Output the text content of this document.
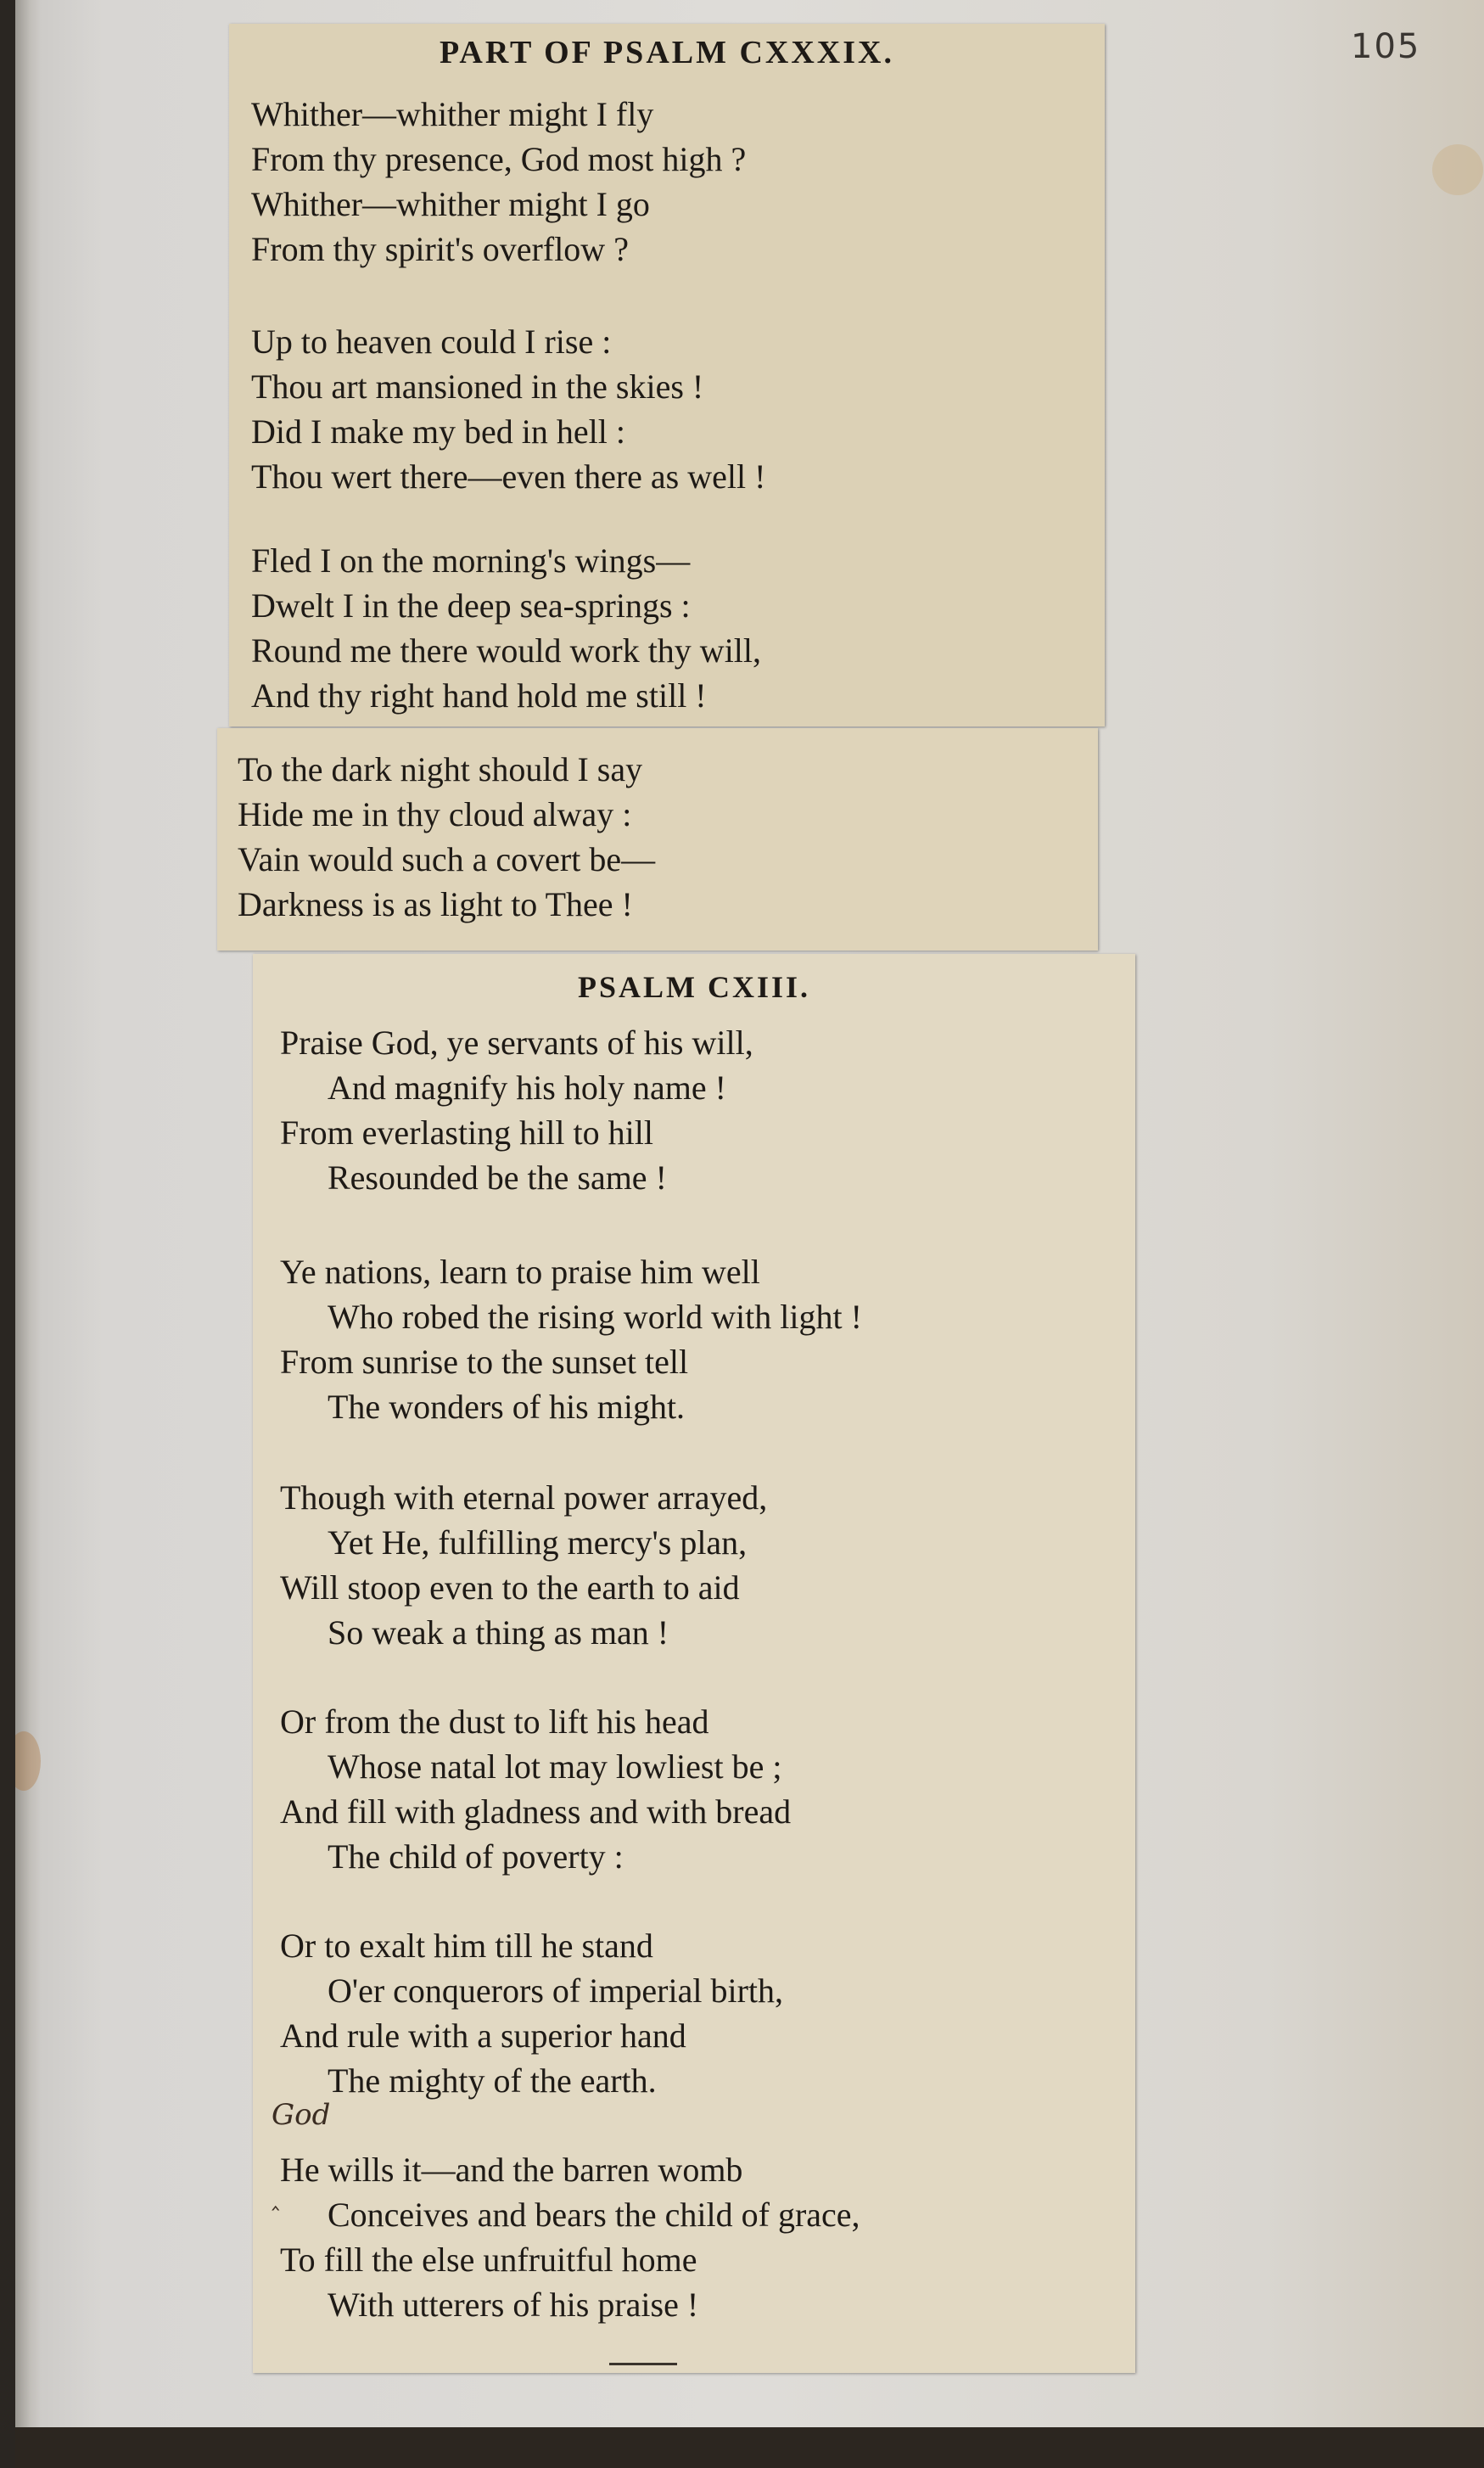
105
PART OF PSALM CXXXIX.
Whither—whither might I fly
From thy presence, God most high ?
Whither—whither might I go
From thy spirit's overflow ?
Up to heaven could I rise :
Thou art mansioned in the skies !
Did I make my bed in hell :
Thou wert there—even there as well !
Fled I on the morning's wings—
Dwelt I in the deep sea-springs :
Round me there would work thy will,
And thy right hand hold me still !
To the dark night should I say
Hide me in thy cloud alway :
Vain would such a covert be—
Darkness is as light to Thee !
PSALM CXIII.
Praise God, ye servants of his will,
And magnify his holy name !
From everlasting hill to hill
Resounded be the same !
Ye nations, learn to praise him well
Who robed the rising world with light !
From sunrise to the sunset tell
The wonders of his might.
Though with eternal power arrayed,
Yet He, fulfilling mercy's plan,
Will stoop even to the earth to aid
So weak a thing as man !
Or from the dust to lift his head
Whose natal lot may lowliest be ;
And fill with gladness and with bread
The child of poverty :
Or to exalt him till he stand
O'er conquerors of imperial birth,
And rule with a superior hand
The mighty of the earth.
God
‸
He wills it—and the barren womb
Conceives and bears the child of grace,
To fill the else unfruitful home
With utterers of his praise !
